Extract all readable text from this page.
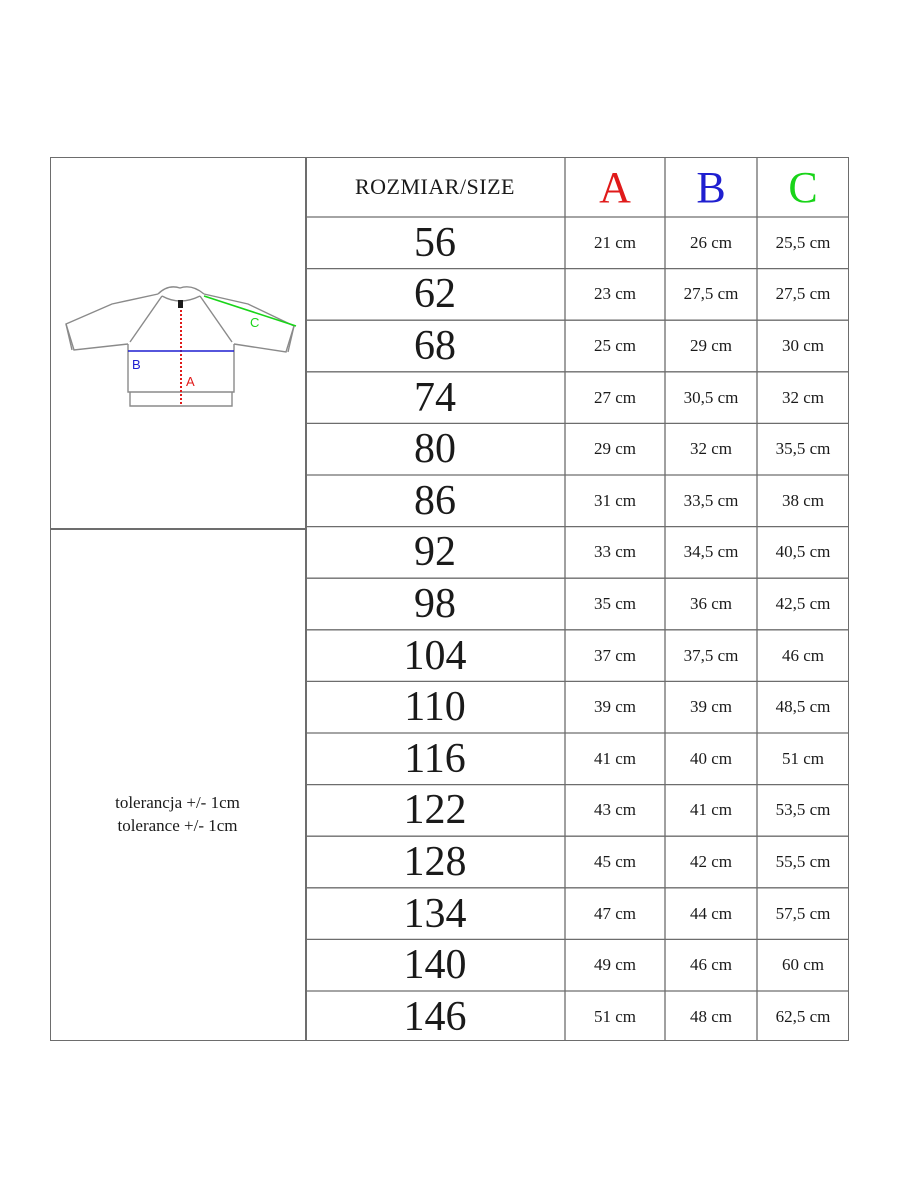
A
B
C
tolerancja +/- 1cm
tolerance +/- 1cm
ROZMIAR/SIZE	A	B	C
56	21 cm	26 cm	25,5 cm
62	23 cm	27,5 cm	27,5 cm
68	25 cm	29 cm	30 cm
74	27 cm	30,5 cm	32 cm
80	29 cm	32 cm	35,5 cm
86	31 cm	33,5 cm	38 cm
92	33 cm	34,5 cm	40,5 cm
98	35 cm	36 cm	42,5 cm
104	37 cm	37,5 cm	46 cm
110	39 cm	39 cm	48,5 cm
116	41 cm	40 cm	51 cm
122	43 cm	41 cm	53,5 cm
128	45 cm	42 cm	55,5 cm
134	47 cm	44 cm	57,5 cm
140	49 cm	46 cm	60 cm
146	51 cm	48 cm	62,5 cm
